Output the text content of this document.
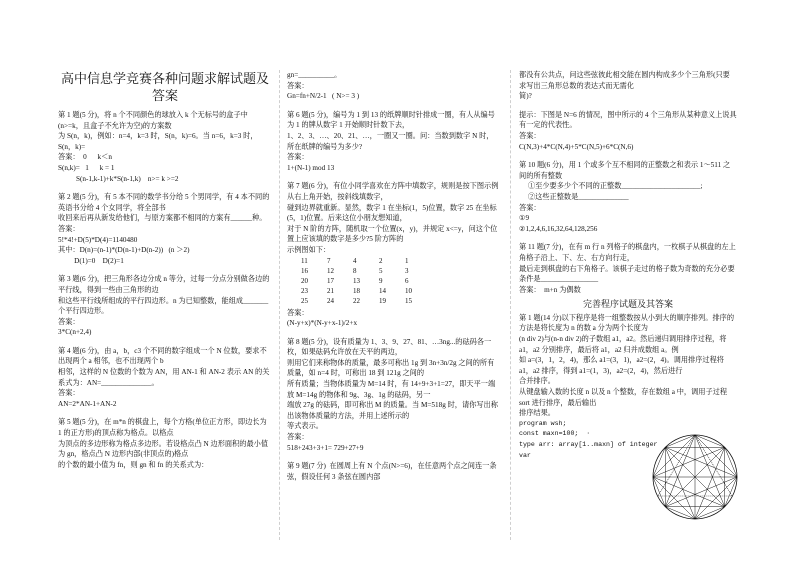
高中信息学竞赛各种问题求解试题及答案

第 1 题(5 分)，将 n 个不同颜色的球放入 k 个无标号的盒子中(n>=k，且盒子不允许为空)的方案数

为 S(n，k)，例如：n=4，k=3 时，S(n，k)=6。当 n=6，k=3 时，S(n，k)=

答案：  0      k＜n

S(n,k)=   1      k = 1

S(n-1,k-1)+k*S(n-1,k)    n>= k >=2

第 2 题(5 分)，有 5 本不同的数学书分给 5 个男同学，有 4 本不同的英语书分给 4 个女同学，将全部书

收回来后再从新发给他们，与原方案都不相同的方案有______种。

答案：

5!*4!+D(5)*D(4)=1140480

其中：D(n)=(n-1)*(D(n-1)+D(n-2))   (n ＞2)

D(1)=0    D(2)=1

第 3 题(6 分)，把三角形各边分成 n 等分，过每一分点分别做各边的平行线，得到一些由三角形的边

和这些平行线所组成的平行四边形。n 为已知整数，能组成_______个平行四边形。

答案：

3*C(n+2,4)

第 4 题(6 分)，由 a，b，c3 个不同的数字组成一个 N 位数，要求不出现两个 a 相邻，也不出现两个 b

相邻，这样的 N 位数的个数为 AN，用 AN-1 和 AN-2 表示 AN 的关系式为：AN=______________。

答案：

AN=2*AN-1+AN-2

第 5 题(5 分)，在 m*n 的棋盘上，每个方格(单位正方形，即边长为 1 的正方形)的顶点称为格点。以格点

为顶点的多边形称为格点多边形。若设格点凸 N 边形面积的最小值为 gn，格点凸 N 边形内部(非顶点的)格点

的个数的最小值为 fn，则 gn 和 fn 的关系式为：

gn=__________。

答案：

Gn=fn+N/2-1   ( N>= 3 )

第 6 题(5 分)，编号为 1 到 13 的纸牌顺时针排成一圈，有人从编号为 1 的牌从数字 1 开始顺时针数下去，

1、2、3、…、20、21、…，一圈又一圈。问：当数到数字 N 时，所在纸牌的编号为多少?

答案：

1+(N-1) mod 13

第 7 题(6 分)，有位小同学喜欢在方阵中填数字，规则是按下图示例从右上角开始，按斜线填数字，

碰到边界就重新。显然，数字 1 在坐标(1，5)位置，数字 25 在坐标(5，1)位置。后来这位小朋友想知道，

对于 N 阶的方阵，随机取一个位置(x，y)，并规定 x<=y，问这个位置上应该填的数字是多少?5 阶方阵的

示例图如下：

11	7	4	2	1
16	12	8	5	3
20	17	13	9	6
23	21	18	14	10
25	24	22	19	15

答案：

(N-y+x)*(N-y+x-1)/2+x

第 8 题(5 分)，设有质量为 1、3、9、27、81、…3ng...的砝码各一枚，如果砝码允许放在天平的两边，

则用它们来称物体的质量，最多可称出 1g 到 3n+3n/2g 之间的所有质量，如 n=4 时，可称出 18 到 121g 之间的

所有质量；当物体质量为 M=14 时，有 14+9+3+1=27，即天平一端放 M=14g 的物体和 9g、3g、1g 的砝码，另一

端放 27g 的砝码，即可称出 M 的质量。当 M=518g 时，请你写出称出该物体质量的方法，并用上述所示的

等式表示。

答案：

518+243+3+1= 729+27+9

第 9 题(7 分)  在圆周上有 N 个点(N>=6)，在任意两个点之间连一条弦，假设任何 3 条弦在圆内部

都没有公共点，问这些弦彼此相交能在圆内构成多少个三角形(只要求写出三角形总数的表达式而无需化

简)?

提示：下图是 N=6 的情况，图中所示的 4 个三角形从某种意义上说具有一定的代表性。

答案：

C(N,3)+4*C(N,4)+5*C(N,5)+6*C(N,6)

第 10 题(6 分)，用 1 个或多个互不相同的正整数之和表示 1～511 之间的所有整数

①至少要多少个不同的正整数______________________;

②这些正整数是______________

答案：

①9

②1,2,4,6,16,32,64,128,256

第 11 题(7 分)，在有 m 行 n 列格子的棋盘内，一枚棋子从棋盘的左上角格子沿上、下、左、右方向行走，

最后走到棋盘的右下角格子。该棋子走过的格子数为奇数的充分必要条件是________________

答案：  m+n 为偶数

完善程序试题及其答案

第 1 题(14 分)以下程序是将一组整数按从小到大的顺序排列。排序的方法是将长度为 n 的数 a 分为两个长度为

(n div 2)与(n-n div 2)的子数组 a1，a2。然后递归调用排序过程，将 a1，a2 分别排序，最后将 a1，a2 归并成数组 a。例

如 a=(3，1，2，4)，那么 a1=(3，1)，a2=(2，4)。调用排序过程将 a1，a2 排序，得到 a1=(1，3)，a2=(2，4)，然后进行

合并排序。

从键盘输入数的长度 n 以及 n 个整数，存在数组 a 中，调用子过程 sort 进行排序，最后输出

排序结果。

program wsh;

const maxn=100;  ·

type arr: array[1..maxn] of integer

var
